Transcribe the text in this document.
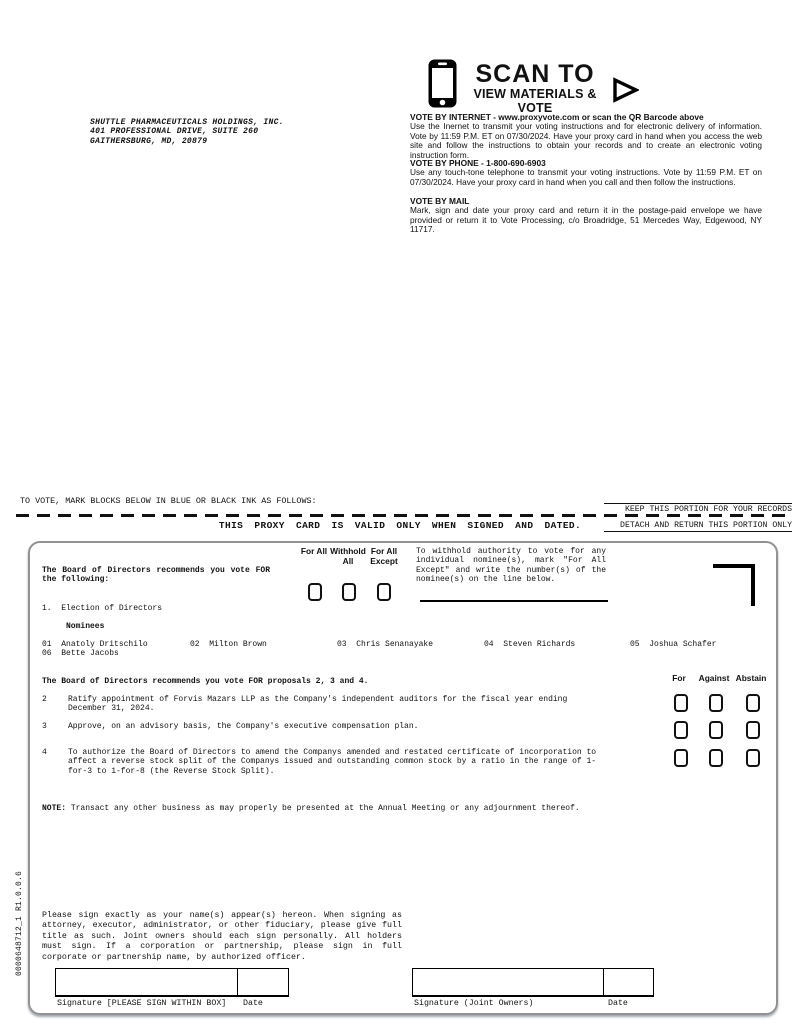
SHUTTLE PHARMACEUTICALS HOLDINGS, INC.
401 PROFESSIONAL DRIVE, SUITE 260
GAITHERSBURG, MD, 20879
SCAN TO
VIEW MATERIALS & VOTE
VOTE BY INTERNET - www.proxyvote.com or scan the QR Barcode above
Use the Inernet to transmit your voting instructions and for electronic delivery of information. Vote by 11:59 P.M. ET on 07/30/2024. Have your proxy card in hand when you access the web site and follow the instructions to obtain your records and to create an electronic voting instruction form.
VOTE BY PHONE - 1-800-690-6903
Use any touch-tone telephone to transmit your voting instructions. Vote by 11:59 P.M. ET on 07/30/2024. Have your proxy card in hand when you call and then follow the instructions.
VOTE BY MAIL
Mark, sign and date your proxy card and return it in the postage-paid envelope we have provided or return it to Vote Processing, c/o Broadridge, 51 Mercedes Way, Edgewood, NY 11717.
TO VOTE, MARK BLOCKS BELOW IN BLUE OR BLACK INK AS FOLLOWS:
KEEP THIS PORTION FOR YOUR RECORDS
THIS PROXY CARD IS VALID ONLY WHEN SIGNED AND DATED.	DETACH AND RETURN THIS PORTION ONLY
The Board of Directors recommends you vote FOR the following:
For All Withhold All
For All Except
To withhold authority to vote for any individual nominee(s), mark "For All Except" and write the number(s) of the nominee(s) on the line below.
1. Election of Directors
Nominees
01 Anatoly Dritschilo	02 Milton Brown	03 Chris Senanayake	04 Steven Richards	05 Joshua Schafer
06 Bette Jacobs
The Board of Directors recommends you vote FOR proposals 2, 3 and 4.	For	Against Abstain
2	Ratify appointment of Forvis Mazars LLP as the Company's independent auditors for the fiscal year ending December 31, 2024.
3	Approve, on an advisory basis, the Company's executive compensation plan.
4	To authorize the Board of Directors to amend the Companys amended and restated certificate of incorporation to affect a reverse stock split of the Companys issued and outstanding common stock by a ratio in the range of 1-for-3 to 1-for-8 (the Reverse Stock Split).
NOTE: Transact any other business as may properly be presented at the Annual Meeting or any adjournment thereof.
Please sign exactly as your name(s) appear(s) hereon. When signing as attorney, executor, administrator, or other fiduciary, please give full title as such. Joint owners should each sign personally. All holders must sign. If a corporation or partnership, please sign in full corporate or partnership name, by authorized officer.
Signature [PLEASE SIGN WITHIN BOX] Date	Signature (Joint Owners)	Date
0000648712_1 R1.0.0.6
